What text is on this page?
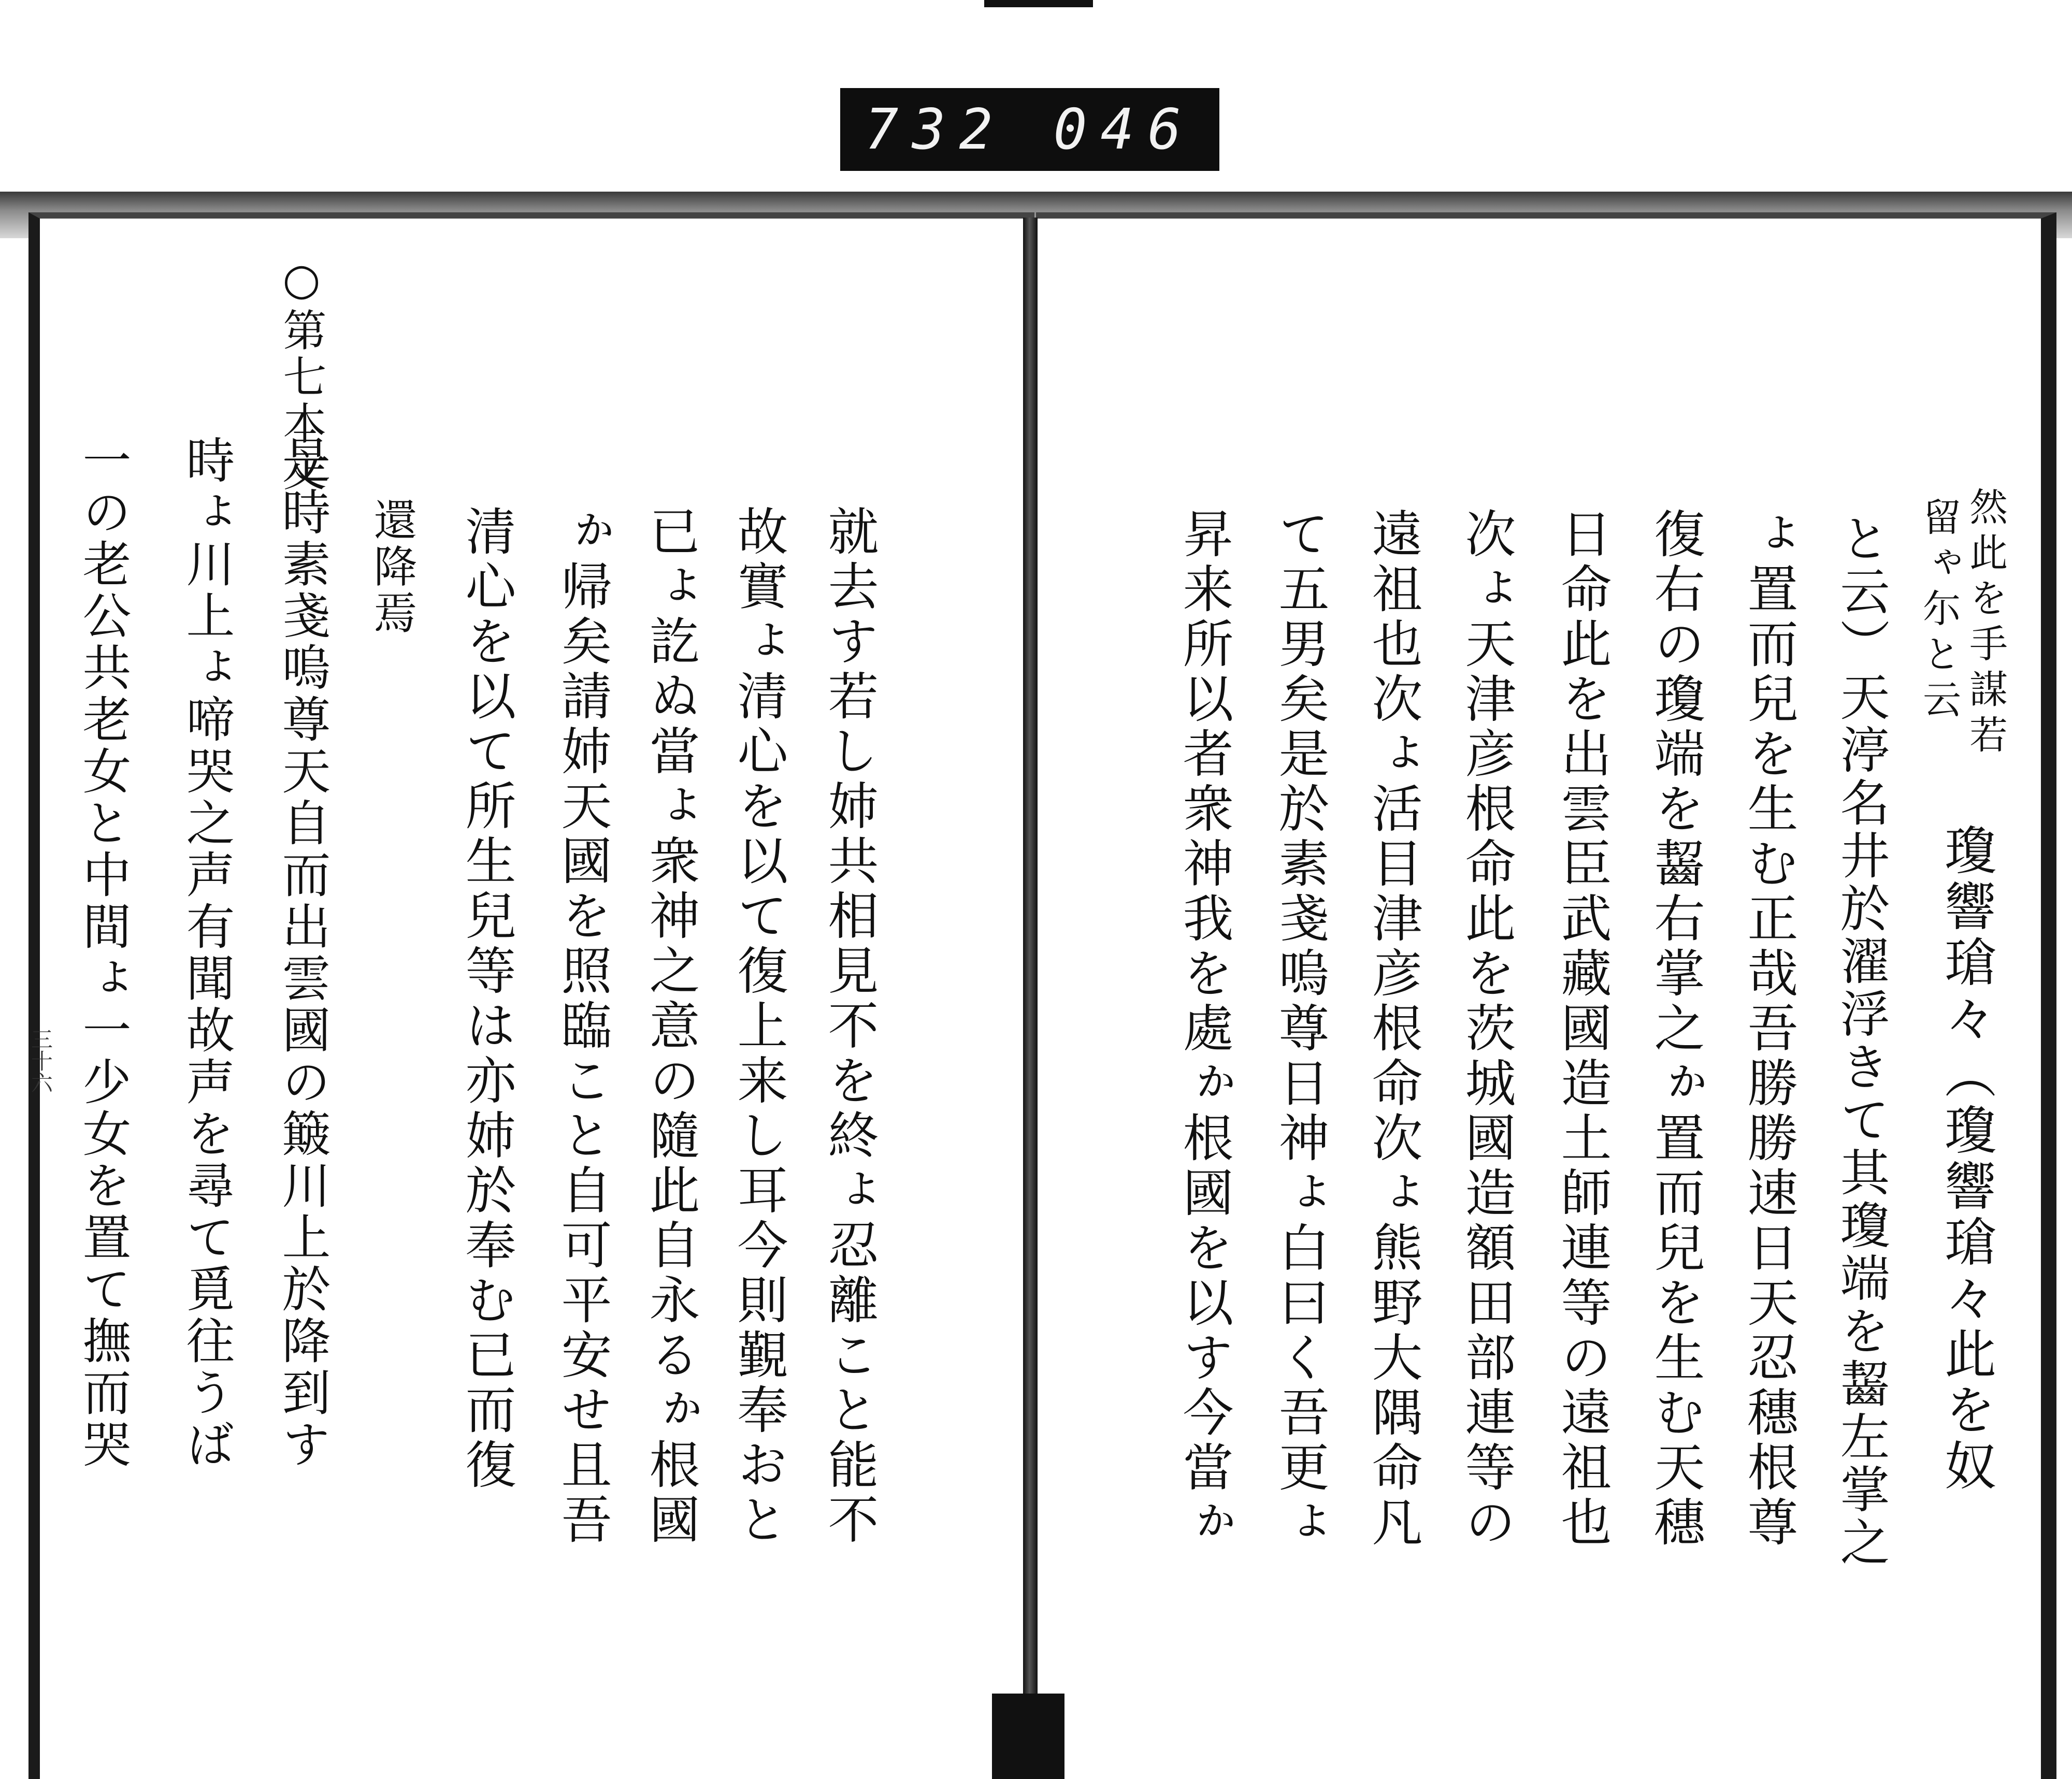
732 046
然此を手謀若
留ゃ尓と云
瓊響瑲々（瓊響瑲々此を奴
と云）天渟名井於濯浮きて其瓊端を齧左掌之
ょ置而兒を生む正哉吾勝勝速日天忍穗根尊
復右の瓊端を齧右掌之ゕ置而兒を生む天穗
日命此を出雲臣武藏國造土師連等の遠祖也
次ょ天津彦根命此を茨城國造額田部連等の
遠祖也次ょ活目津彦根命次ょ熊野大隅命凡
て五男矣是於素戔嗚尊日神ょ白曰く吾更ょ
昇来所以者衆神我を處ゕ根國を以す今當ゕ
三十六
○第七本文
就去す若し姉共相見不を終ょ忍離こと能不
故實ょ清心を以て復上来し耳今則覲奉おと
已ょ訖ぬ當ょ衆神之意の隨此自永るゕ根國
ゕ帰矣請姉天國を照臨こと自可平安せ且吾
清心を以て所生兒等は亦姉於奉む已而復
還降焉
是時素戔嗚尊天自而出雲國の簸川上於降到す
時ょ川上ょ啼哭之声有聞故声を尋て覓往うば
一の老公共老女と中間ょ一少女を置て撫而哭
